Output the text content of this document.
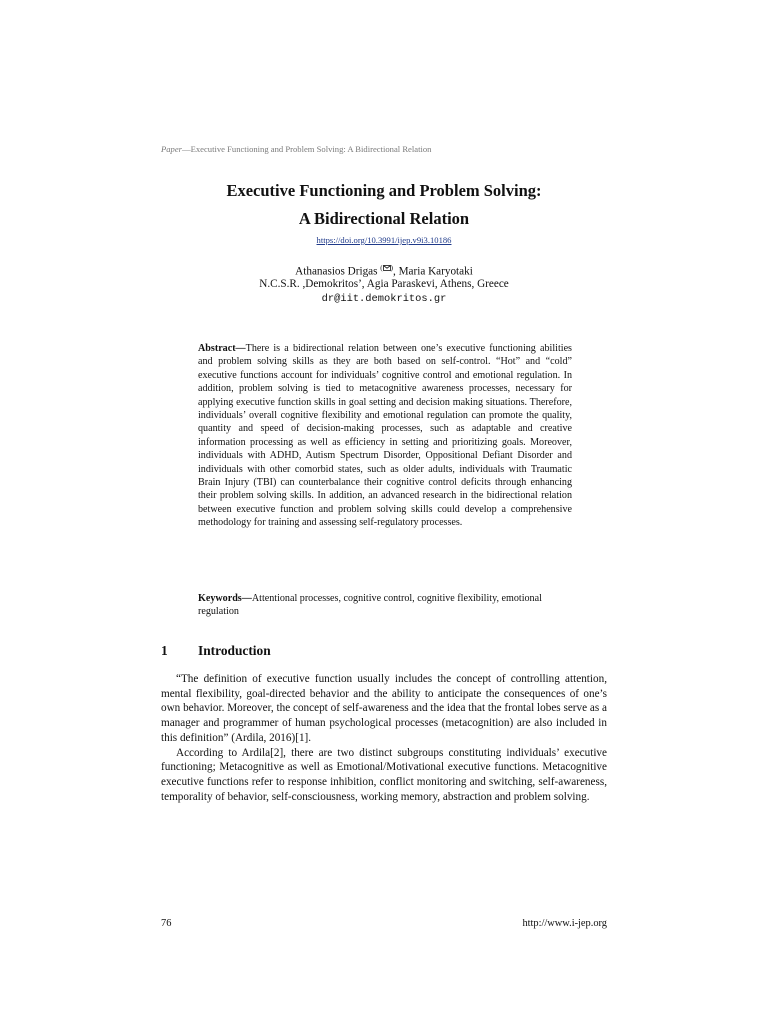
Paper—Executive Functioning and Problem Solving: A Bidirectional Relation
Executive Functioning and Problem Solving:
A Bidirectional Relation
https://doi.org/10.3991/ijep.v9i3.10186
Athanasios Drigas ( ), Maria Karyotaki
N.C.S.R. ,Demokritos’, Agia Paraskevi, Athens, Greece
dr@iit.demokritos.gr

Abstract—There is a bidirectional relation between one’s executive functioning abilities and problem solving skills as they are both based on self-control. “Hot” and “cold” executive functions account for individuals’ cognitive control and emotional regulation. In addition, problem solving is tied to metacognitive awareness processes, necessary for applying executive function skills in goal setting and decision making situations. Therefore, individuals’ overall cognitive flexibility and emotional regulation can promote the quality, quantity and speed of decision-making processes, such as adaptable and creative information processing as well as efficiency in setting and prioritizing goals. Moreover, individuals with ADHD, Autism Spectrum Disorder, Oppositional Defiant Disorder and individuals with other comorbid states, such as older adults, individuals with Traumatic Brain Injury (TBI) can counterbalance their cognitive control deficits through enhancing their problem solving skills. In addition, an advanced research in the bidirectional relation between executive function and problem solving skills could develop a comprehensive methodology for training and assessing self-regulatory processes.

Keywords—Attentional processes, cognitive control, cognitive flexibility, emotional regulation
1 Introduction

“The definition of executive function usually includes the concept of controlling attention, mental flexibility, goal-directed behavior and the ability to anticipate the consequences of one’s own behavior. Moreover, the concept of self-awareness and the idea that the frontal lobes serve as a manager and programmer of human psychological processes (metacognition) are also included in this definition” (Ardila, 2016)[1].

According to Ardila[2], there are two distinct subgroups constituting individuals’ executive functioning; Metacognitive as well as Emotional/Motivational executive functions. Metacognitive executive functions refer to response inhibition, conflict monitoring and switching, self-awareness, temporality of behavior, self-consciousness, working memory, abstraction and problem solving.

76	http://www.i-jep.org
